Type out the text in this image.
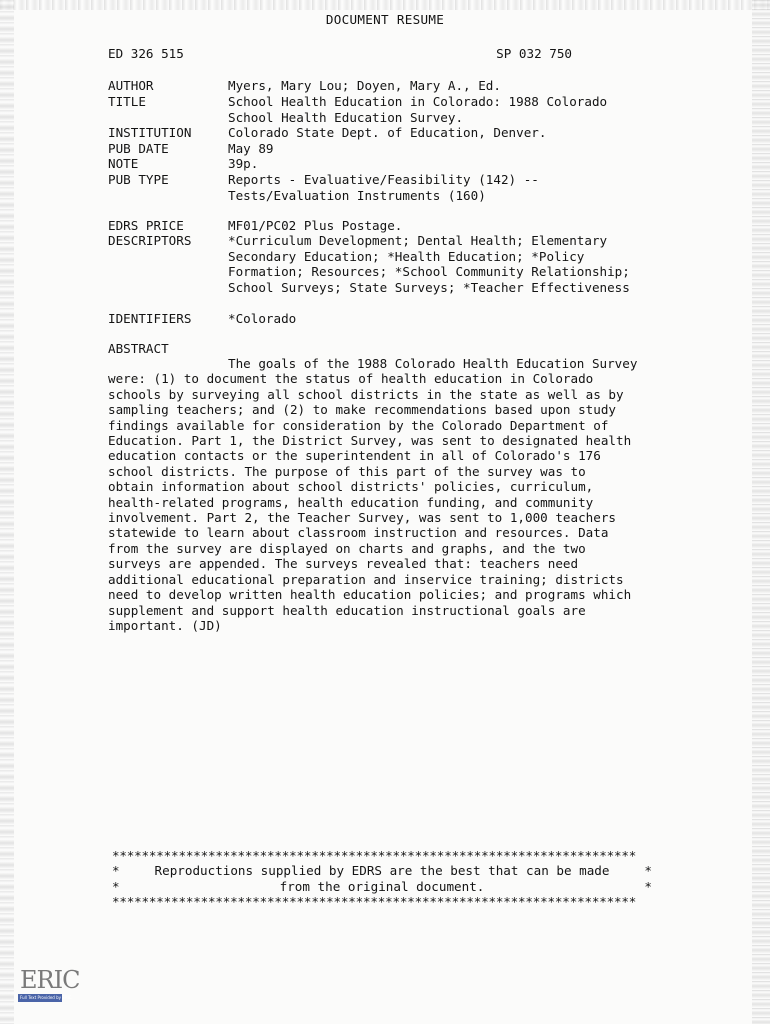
DOCUMENT RESUME
ED 326 515	SP 032 750
AUTHOR	Myers, Mary Lou; Doyen, Mary A., Ed.
TITLE	School Health Education in Colorado: 1988 Colorado School Health Education Survey.
INSTITUTION	Colorado State Dept. of Education, Denver.
PUB DATE	May 89
NOTE	39p.
PUB TYPE	Reports - Evaluative/Feasibility (142) -- Tests/Evaluation Instruments (160)
EDRS PRICE	MF01/PC02 Plus Postage.
DESCRIPTORS	*Curriculum Development; Dental Health; Elementary Secondary Education; *Health Education; *Policy Formation; Resources; *School Community Relationship; School Surveys; State Surveys; *Teacher Effectiveness
IDENTIFIERS	*Colorado
ABSTRACT
The goals of the 1988 Colorado Health Education Survey were: (1) to document the status of health education in Colorado schools by surveying all school districts in the state as well as by sampling teachers; and (2) to make recommendations based upon study findings available for consideration by the Colorado Department of Education. Part 1, the District Survey, was sent to designated health education contacts or the superintendent in all of Colorado's 176 school districts. The purpose of this part of the survey was to obtain information about school districts' policies, curriculum, health-related programs, health education funding, and community involvement. Part 2, the Teacher Survey, was sent to 1,000 teachers statewide to learn about classroom instruction and resources. Data from the survey are displayed on charts and graphs, and the two surveys are appended. The surveys revealed that: teachers need additional educational preparation and inservice training; districts need to develop written health education policies; and programs which supplement and support health education instructional goals are important. (JD)
***********************************************************************
*	Reproductions supplied by EDRS are the best that can be made	*
*	from the original document.	*
***********************************************************************
ERIC
Full Text Provided by ERIC
